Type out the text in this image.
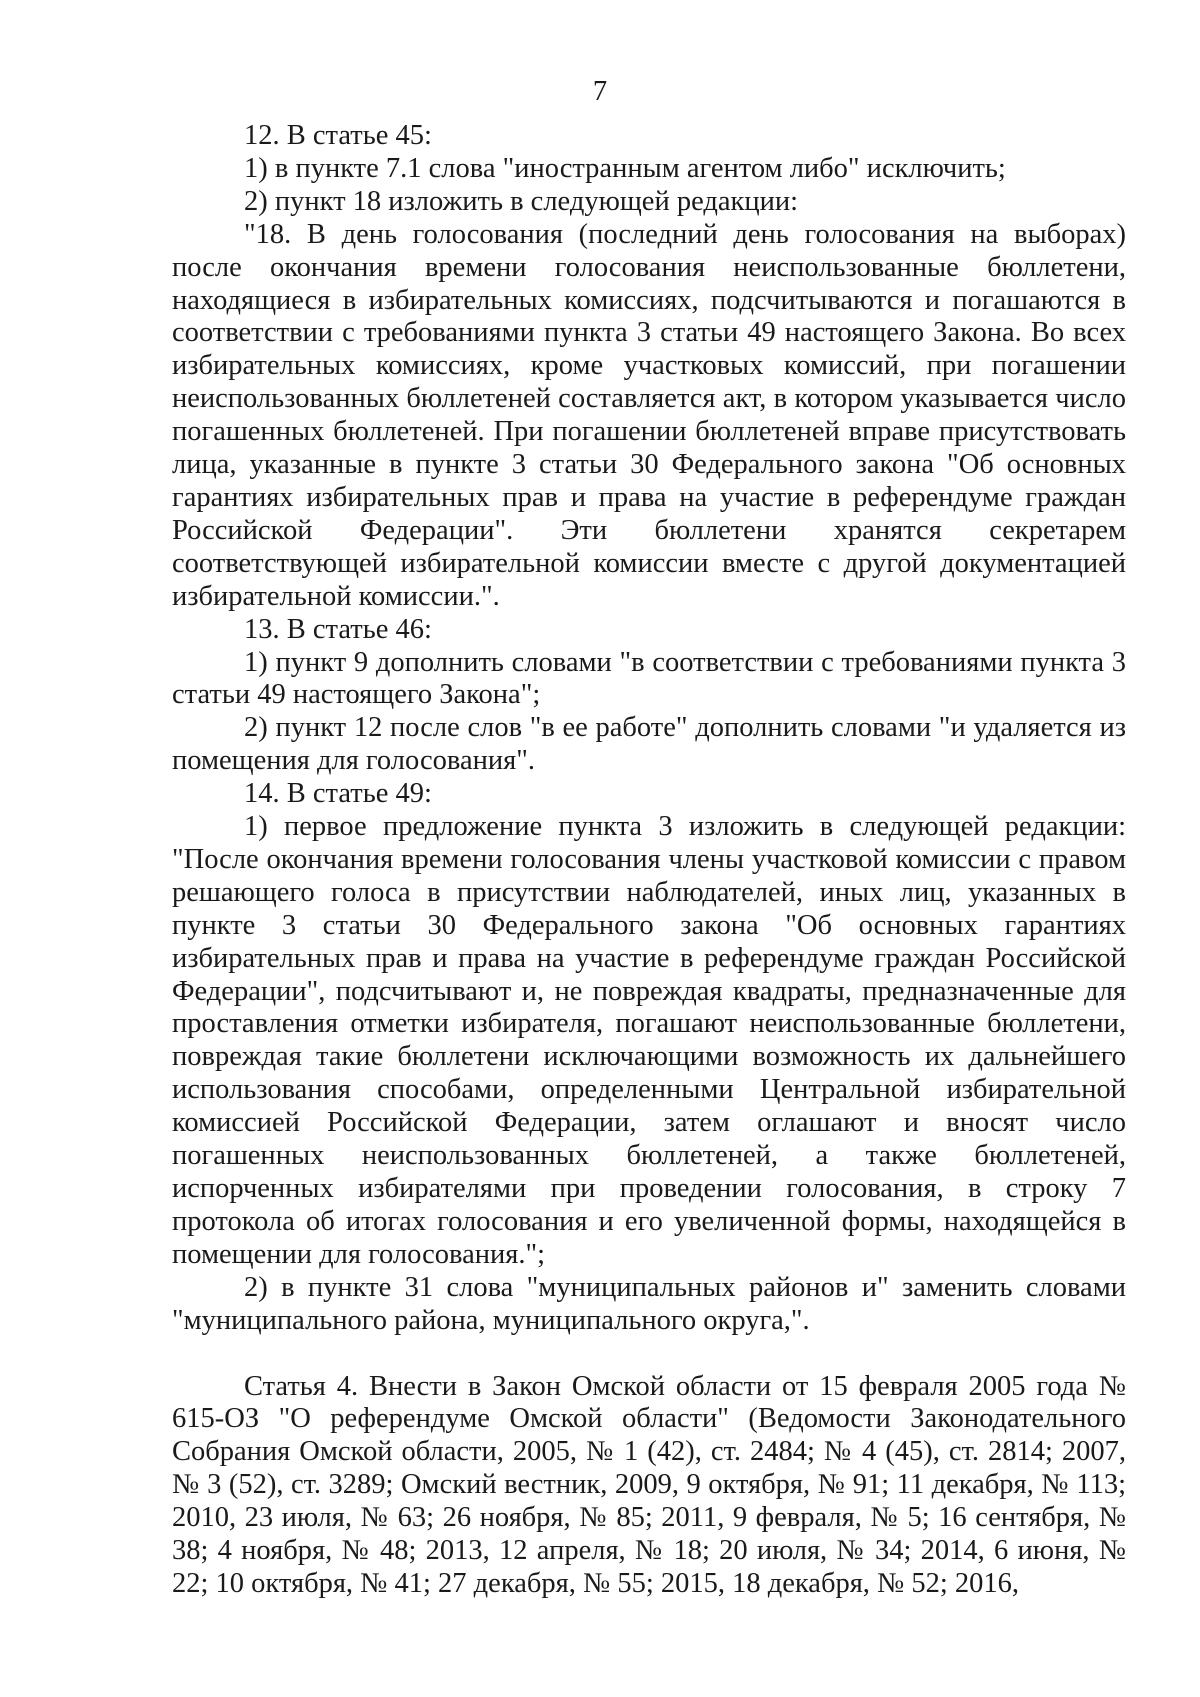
7

12. В статье 45:

1) в пункте 7.1 слова "иностранным агентом либо" исключить;

2) пункт 18 изложить в следующей редакции:

"18. В день голосования (последний день голосования на выборах) после окончания времени голосования неиспользованные бюллетени, находящиеся в избирательных комиссиях, подсчитываются и погашаются в соответствии с требованиями пункта 3 статьи 49 настоящего Закона. Во всех избирательных комиссиях, кроме участковых комиссий, при погашении неиспользованных бюллетеней составляется акт, в котором указывается число погашенных бюллетеней. При погашении бюллетеней вправе присутствовать лица, указанные в пункте 3 статьи 30 Федерального закона "Об основных гарантиях избирательных прав и права на участие в референдуме граждан Российской Федерации". Эти бюллетени хранятся секретарем соответствующей избирательной комиссии вместе с другой документацией избирательной комиссии.".

13. В статье 46:

1) пункт 9 дополнить словами "в соответствии с требованиями пункта 3 статьи 49 настоящего Закона";

2) пункт 12 после слов "в ее работе" дополнить словами "и удаляется из помещения для голосования".

14. В статье 49:

1) первое предложение пункта 3 изложить в следующей редакции: "После окончания времени голосования члены участковой комиссии с правом решающего голоса в присутствии наблюдателей, иных лиц, указанных в пункте 3 статьи 30 Федерального закона "Об основных гарантиях избирательных прав и права на участие в референдуме граждан Российской Федерации", подсчитывают и, не повреждая квадраты, предназначенные для проставления отметки избирателя, погашают неиспользованные бюллетени, повреждая такие бюллетени исключающими возможность их дальнейшего использования способами, определенными Центральной избирательной комиссией Российской Федерации, затем оглашают и вносят число погашенных неиспользованных бюллетеней, а также бюллетеней, испорченных избирателями при проведении голосования, в строку 7 протокола об итогах голосования и его увеличенной формы, находящейся в помещении для голосования.";

2) в пункте 31 слова "муниципальных районов и" заменить словами "муниципального района, муниципального округа,".

Статья 4. Внести в Закон Омской области от 15 февраля 2005 года № 615-ОЗ "О референдуме Омской области" (Ведомости Законодательного Собрания Омской области, 2005, № 1 (42), ст. 2484; № 4 (45), ст. 2814; 2007, № 3 (52), ст. 3289; Омский вестник, 2009, 9 октября, № 91; 11 декабря, № 113; 2010, 23 июля, № 63; 26 ноября, № 85; 2011, 9 февраля, № 5; 16 сентября, № 38; 4 ноября, № 48; 2013, 12 апреля, № 18; 20 июля, № 34; 2014, 6 июня, № 22; 10 октября, № 41; 27 декабря, № 55; 2015, 18 декабря, № 52; 2016,
